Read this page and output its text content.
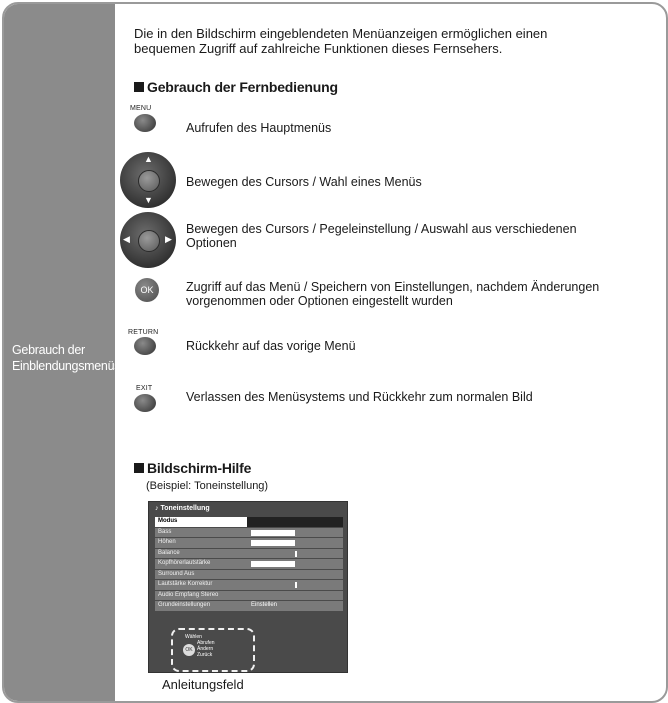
Gebrauch der Einblendungsmenüs
Die in den Bildschirm eingeblendeten Menüanzeigen ermöglichen einen bequemen Zugriff auf zahlreiche Funktionen dieses Fernsehers.
Gebrauch der Fernbedienung
MENU
Aufrufen des Hauptmenüs
▲
▼
Bewegen des Cursors / Wahl eines Menüs
◀	▶
Bewegen des Cursors / Pegeleinstellung / Auswahl aus verschiedenen Optionen
OK	Zugriff auf das Menü / Speichern von Einstellungen, nachdem Änderungen vorgenommen oder Optionen eingestellt wurden
RETURN
Rückkehr auf das vorige Menü
EXIT
Verlassen des Menüsystems und Rückkehr zum normalen Bild
Bildschirm-Hilfe
(Beispiel: Toneinstellung)
♪ Toneinstellung
Modus
Bass
Höhen
Balance
Kopfhörerlautstärke
Surround Aus
Lautstärke Korrektur
Audio Empfang Stereo
Grundeinstellungen	Einstellen
Wählen
Abrufen
Ändern
Zurück
OK
Anleitungsfeld
